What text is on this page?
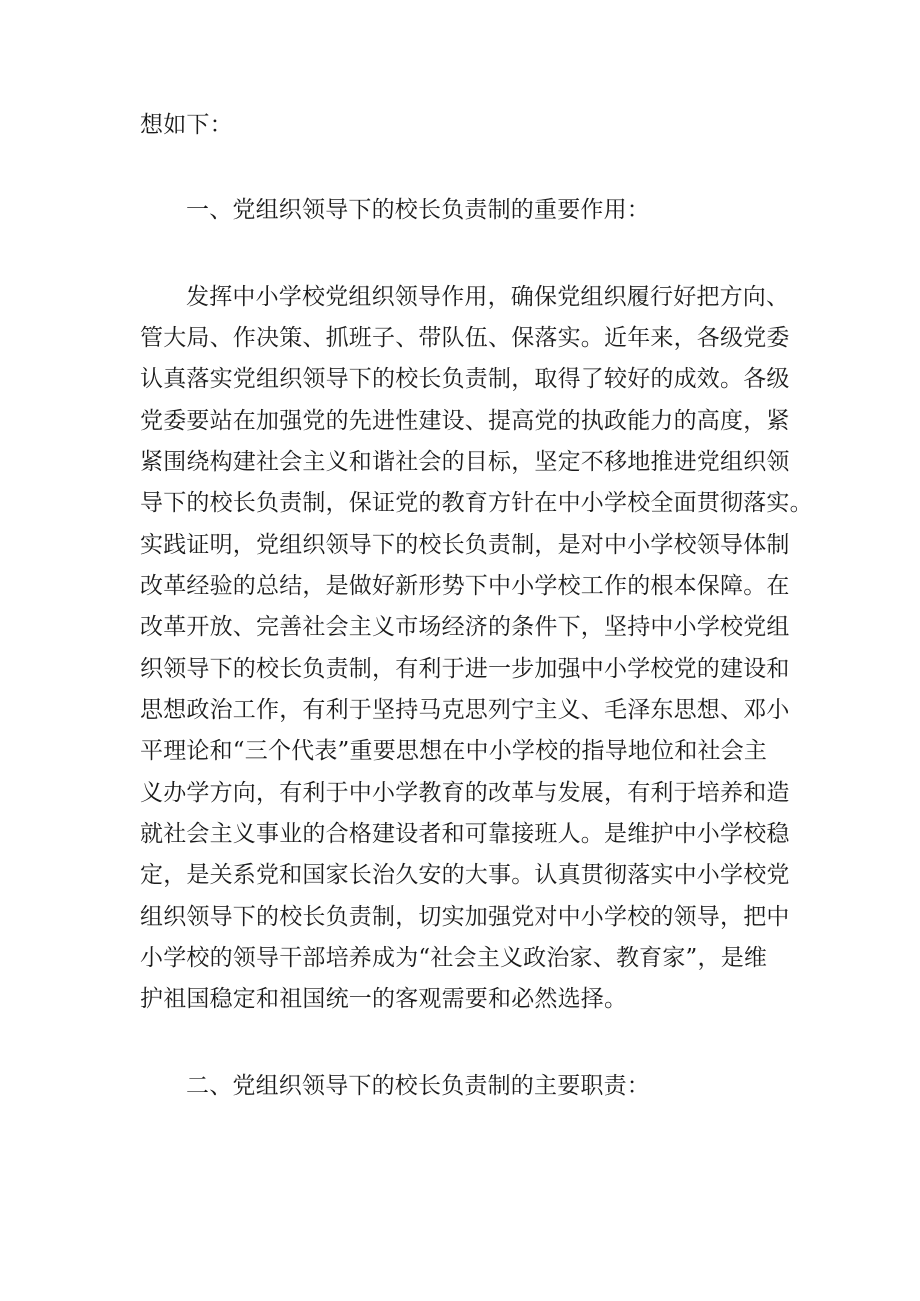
想如下：
一、党组织领导下的校长负责制的重要作用：
发挥中小学校党组织领导作用，确保党组织履行好把方向、
管大局、作决策、抓班子、带队伍、保落实。近年来，各级党委
认真落实党组织领导下的校长负责制，取得了较好的成效。各级
党委要站在加强党的先进性建设、提高党的执政能力的高度，紧
紧围绕构建社会主义和谐社会的目标，坚定不移地推进党组织领
导下的校长负责制，保证党的教育方针在中小学校全面贯彻落实。
实践证明，党组织领导下的校长负责制，是对中小学校领导体制
改革经验的总结，是做好新形势下中小学校工作的根本保障。在
改革开放、完善社会主义市场经济的条件下，坚持中小学校党组
织领导下的校长负责制，有利于进一步加强中小学校党的建设和
思想政治工作，有利于坚持马克思列宁主义、毛泽东思想、邓小
平理论和“三个代表”重要思想在中小学校的指导地位和社会主
义办学方向，有利于中小学教育的改革与发展，有利于培养和造
就社会主义事业的合格建设者和可靠接班人。是维护中小学校稳
定，是关系党和国家长治久安的大事。认真贯彻落实中小学校党
组织领导下的校长负责制，切实加强党对中小学校的领导，把中
小学校的领导干部培养成为“社会主义政治家、教育家”，是维
护祖国稳定和祖国统一的客观需要和必然选择。
二、党组织领导下的校长负责制的主要职责：
